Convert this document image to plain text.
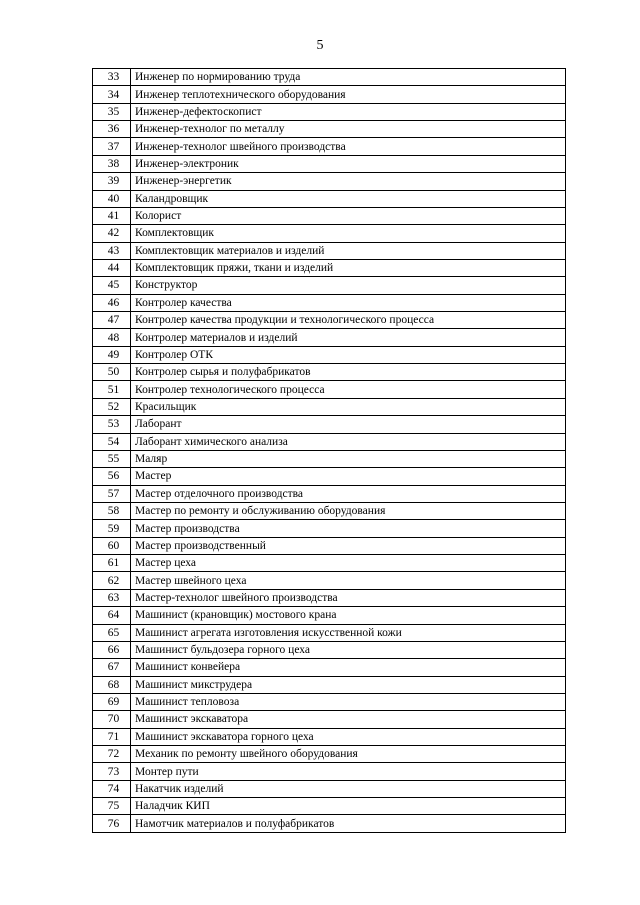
5
33	Инженер по нормированию труда
34	Инженер теплотехнического оборудования
35	Инженер-дефектоскопист
36	Инженер-технолог по металлу
37	Инженер-технолог швейного производства
38	Инженер-электроник
39	Инженер-энергетик
40	Каландровщик
41	Колорист
42	Комплектовщик
43	Комплектовщик материалов и изделий
44	Комплектовщик пряжи, ткани и изделий
45	Конструктор
46	Контролер качества
47	Контролер качества продукции и технологического процесса
48	Контролер материалов и изделий
49	Контролер ОТК
50	Контролер сырья и полуфабрикатов
51	Контролер технологического процесса
52	Красильщик
53	Лаборант
54	Лаборант химического анализа
55	Маляр
56	Мастер
57	Мастер отделочного производства
58	Мастер по ремонту и обслуживанию оборудования
59	Мастер производства
60	Мастер производственный
61	Мастер цеха
62	Мастер швейного цеха
63	Мастер-технолог швейного производства
64	Машинист (крановщик) мостового крана
65	Машинист агрегата изготовления искусственной кожи
66	Машинист бульдозера горного цеха
67	Машинист конвейера
68	Машинист микструдера
69	Машинист тепловоза
70	Машинист экскаватора
71	Машинист экскаватора горного цеха
72	Механик по ремонту швейного оборудования
73	Монтер пути
74	Накатчик изделий
75	Наладчик КИП
76	Намотчик материалов и полуфабрикатов
